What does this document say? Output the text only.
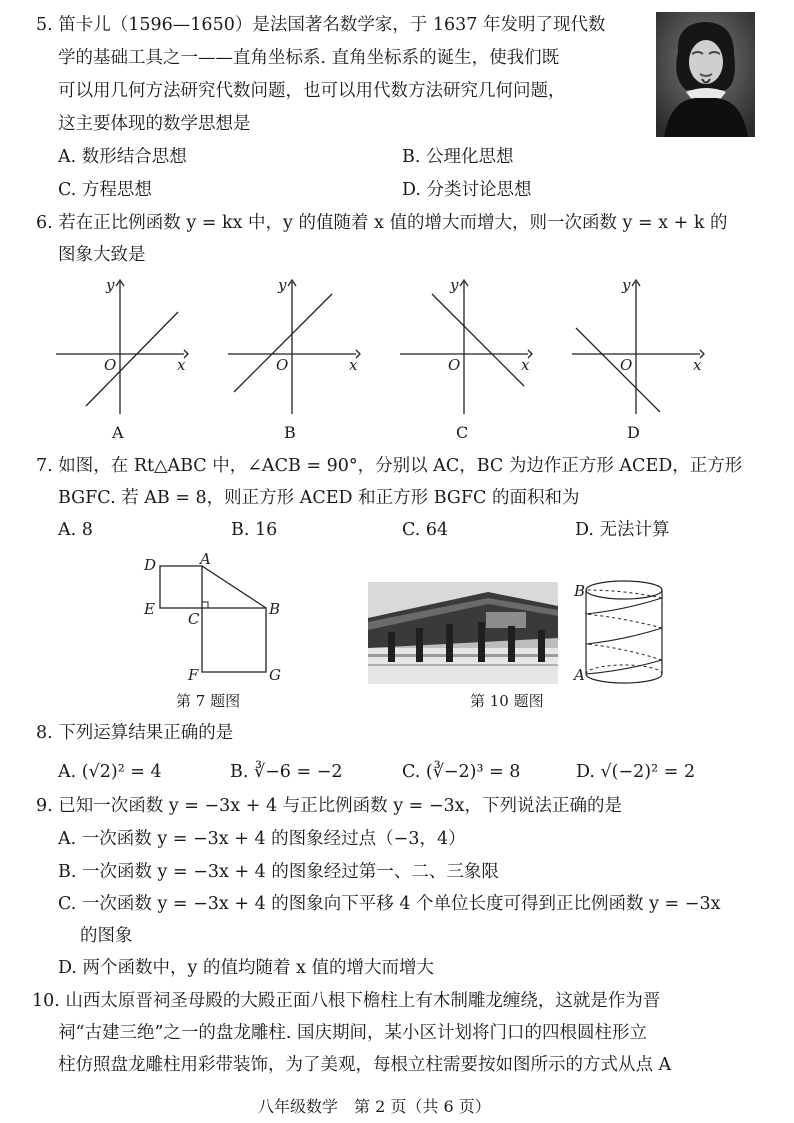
5. 笛卡儿（1596—1650）是法国著名数学家，于 1637 年发明了现代数
学的基础工具之一——直角坐标系. 直角坐标系的诞生，使我们既
可以用几何方法研究代数问题，也可以用代数方法研究几何问题，
这主要体现的数学思想是
A. 数形结合思想	B. 公理化思想
C. 方程思想	D. 分类讨论思想
6. 若在正比例函数 y = kx 中，y 的值随着 x 值的增大而增大，则一次函数 y = x + k 的
图象大致是
y
x
O
A
y
x
O
B
y
x
O
C
y
x
O
D
7. 如图，在 Rt△ABC 中，∠ACB = 90°，分别以 AC，BC 为边作正方形 ACED，正方形
BGFC. 若 AB = 8，则正方形 ACED 和正方形 BGFC 的面积和为
A. 8	B. 16	C. 64	D. 无法计算
D	A
E
C
B
F	G
第 7 题图	第 10 题图
B
A
8. 下列运算结果正确的是
A. (√2)² = 4	B. ∛−6 = −2	C. (∛−2)³ = 8	D. √(−2)² = 2
9. 已知一次函数 y = −3x + 4 与正比例函数 y = −3x，下列说法正确的是
A. 一次函数 y = −3x + 4 的图象经过点（−3，4）
B. 一次函数 y = −3x + 4 的图象经过第一、二、三象限
C. 一次函数 y = −3x + 4 的图象向下平移 4 个单位长度可得到正比例函数 y = −3x
的图象
D. 两个函数中，y 的值均随着 x 值的增大而增大
10. 山西太原晋祠圣母殿的大殿正面八根下檐柱上有木制雕龙缠绕，这就是作为晋
祠“古建三绝”之一的盘龙雕柱. 国庆期间，某小区计划将门口的四根圆柱形立
柱仿照盘龙雕柱用彩带装饰，为了美观，每根立柱需要按如图所示的方式从点 A
八年级数学　第 2 页（共 6 页）
